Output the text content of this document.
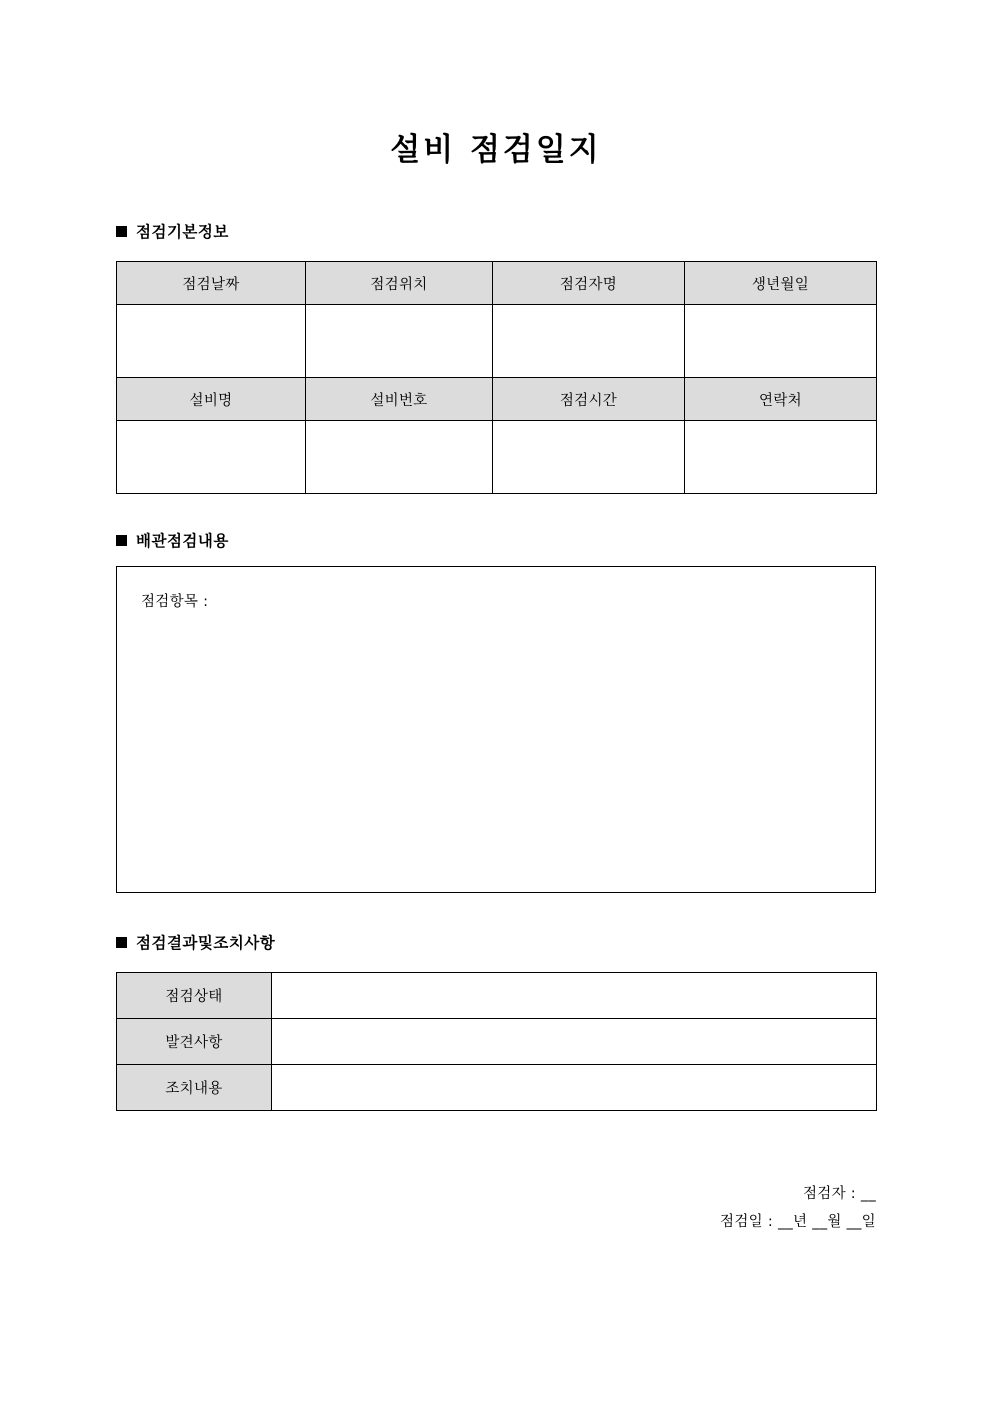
설비 점검일지
점검기본정보
점검날짜	점검위치	점검자명	생년월일

설비명	설비번호	점검시간	연락처

배관점검내용
점검항목 :
점검결과및조치사항
점검상태	
발견사항	
조치내용	
점검자 : __
점검일 : __년 __월 __일
